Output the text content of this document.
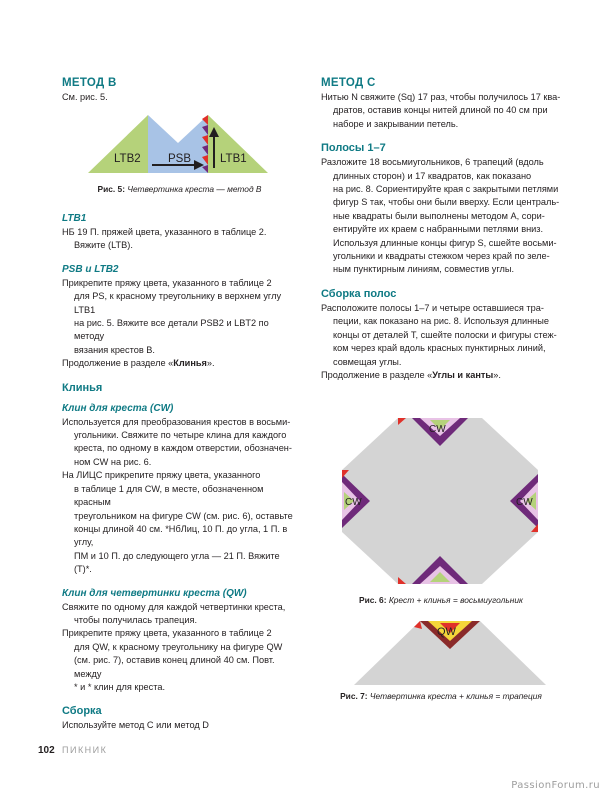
МЕТОД B
См. рис. 5.
LTB2 PSB	LTB1
Рис. 5: Четвертинка креста — метод В
LTB1
НБ 19 П. пряжей цвета, указанного в таблице 2.
Вяжите (LTB).
PSB и LTB2
Прикрепите пряжу цвета, указанного в таблице 2
для PS, к красному треугольнику в верхнем углу LTB1
на рис. 5. Вяжите все детали PSB2 и LBT2 по методу
вязания крестов В.
Продолжение в разделе «Клинья».
Клинья
Клин для креста (CW)
Используется для преобразования крестов в восьми-
угольники. Свяжите по четыре клина для каждого
креста, по одному в каждом отверстии, обозначен-
ном CW на рис. 6.
На ЛИЦС прикрепите пряжу цвета, указанного
в таблице 1 для CW, в месте, обозначенном красным
треугольником на фигуре CW (см. рис. 6), оставьте
концы длиной 40 см. *НбЛиц, 10 П. до угла, 1 П. в углу,
ПМ и 10 П. до следующего угла — 21 П. Вяжите (T)*.
Клин для четвертинки креста (QW)
Свяжите по одному для каждой четвертинки креста,
чтобы получилась трапеция.
Прикрепите пряжу цвета, указанного в таблице 2
для QW, к красному треугольнику на фигуре QW
(см. рис. 7), оставив конец длиной 40 см. Повт. между
* и * клин для креста.
Сборка
Используйте метод C или метод D
МЕТОД С
Нитью N свяжите (Sq) 17 раз, чтобы получилось 17 ква-
дратов, оставив концы нитей длиной по 40 см при
наборе и закрывании петель.
Полосы 1–7
Разложите 18 восьмиугольников, 6 трапеций (вдоль
длинных сторон) и 17 квадратов, как показано
на рис. 8. Сориентируйте края с закрытыми петлями
фигур S так, чтобы они были вверху. Если централь-
ные квадраты были выполнены методом А, сори-
ентируйте их краем с набранными петлями вниз.
Используя длинные концы фигур S, сшейте восьми-
угольники и квадраты стежком через край по зеле-
ным пунктирным линиям, совместив углы.
Сборка полос
Расположите полосы 1–7 и четыре оставшиеся тра-
пеции, как показано на рис. 8. Используя длинные
концы от деталей T, сшейте полоски и фигуры стеж-
ком через край вдоль красных пунктирных линий,
совмещая углы.
Продолжение в разделе «Углы и канты».
CW
CW	CW
Рис. 6: Крест + клинья = восьмиугольник
QW
Рис. 7: Четвертинка креста + клинья = трапеция
102 ПИКНИК
PassionForum.ru
